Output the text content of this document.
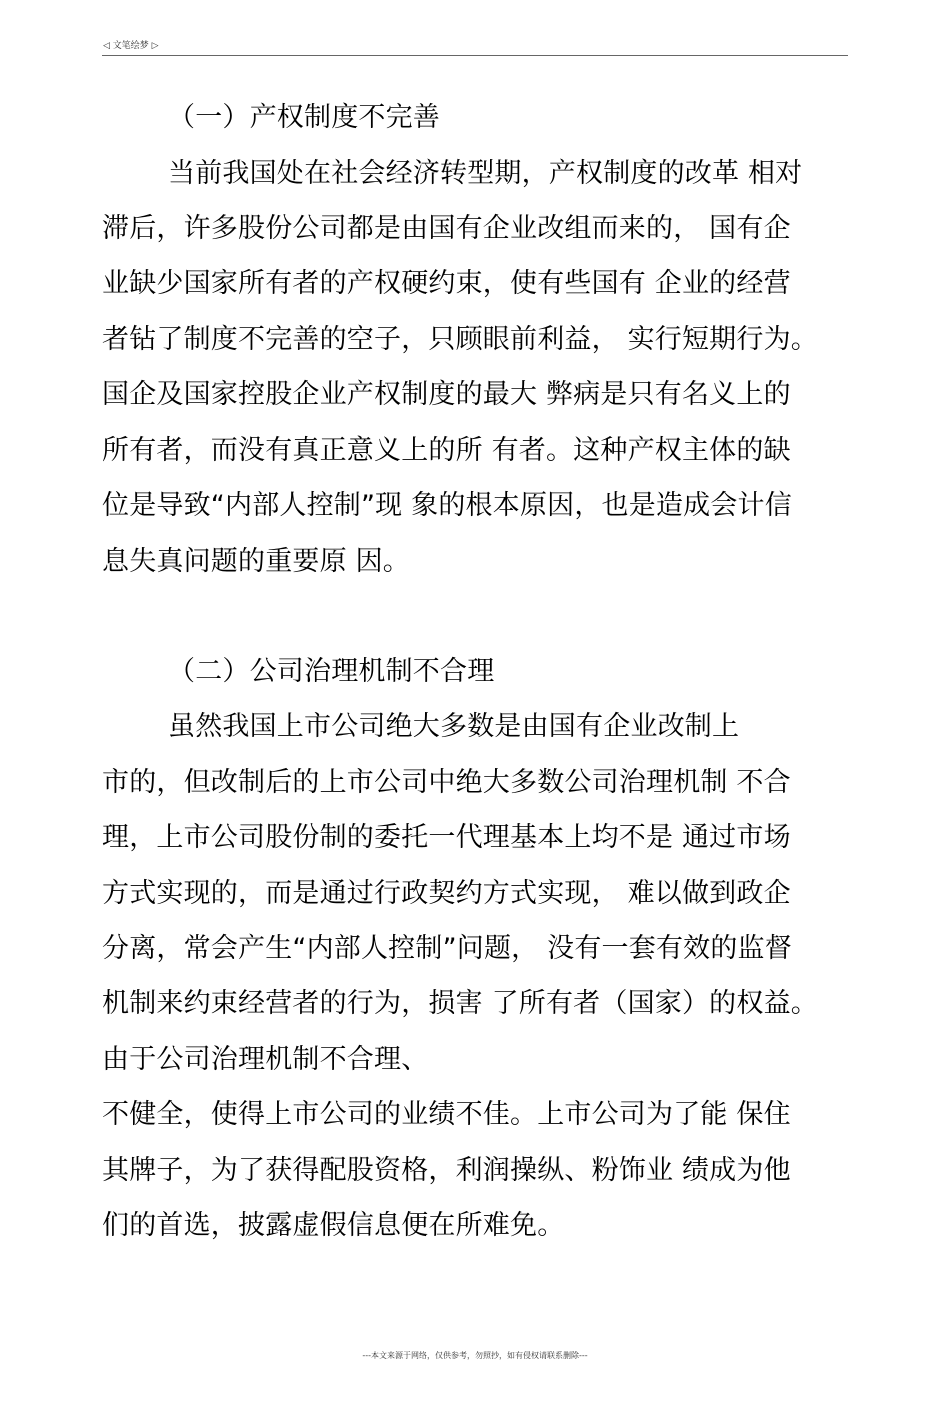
◁ 文笔绘梦 ▷
（一）产权制度不完善
当前我国处在社会经济转型期，产权制度的改革 相对
滞后，许多股份公司都是由国有企业改组而来的， 国有企
业缺少国家所有者的产权硬约束，使有些国有 企业的经营
者钻了制度不完善的空子，只顾眼前利益， 实行短期行为。
国企及国家控股企业产权制度的最大 弊病是只有名义上的
所有者，而没有真正意义上的所 有者。这种产权主体的缺
位是导致“内部人控制”现 象的根本原因，也是造成会计信
息失真问题的重要原 因。
（二）公司治理机制不合理
虽然我国上市公司绝大多数是由国有企业改制上
市的，但改制后的上市公司中绝大多数公司治理机制 不合
理，上市公司股份制的委托一代理基本上均不是 通过市场
方式实现的，而是通过行政契约方式实现， 难以做到政企
分离，常会产生“内部人控制”问题， 没有一套有效的监督
机制来约束经营者的行为，损害 了所有者（国家）的权益。
由于公司治理机制不合理、
不健全，使得上市公司的业绩不佳。上市公司为了能 保住
其牌子，为了获得配股资格，利润操纵、粉饰业 绩成为他
们的首选，披露虚假信息便在所难免。
---本文来源于网络，仅供参考，勿照抄，如有侵权请联系删除---
